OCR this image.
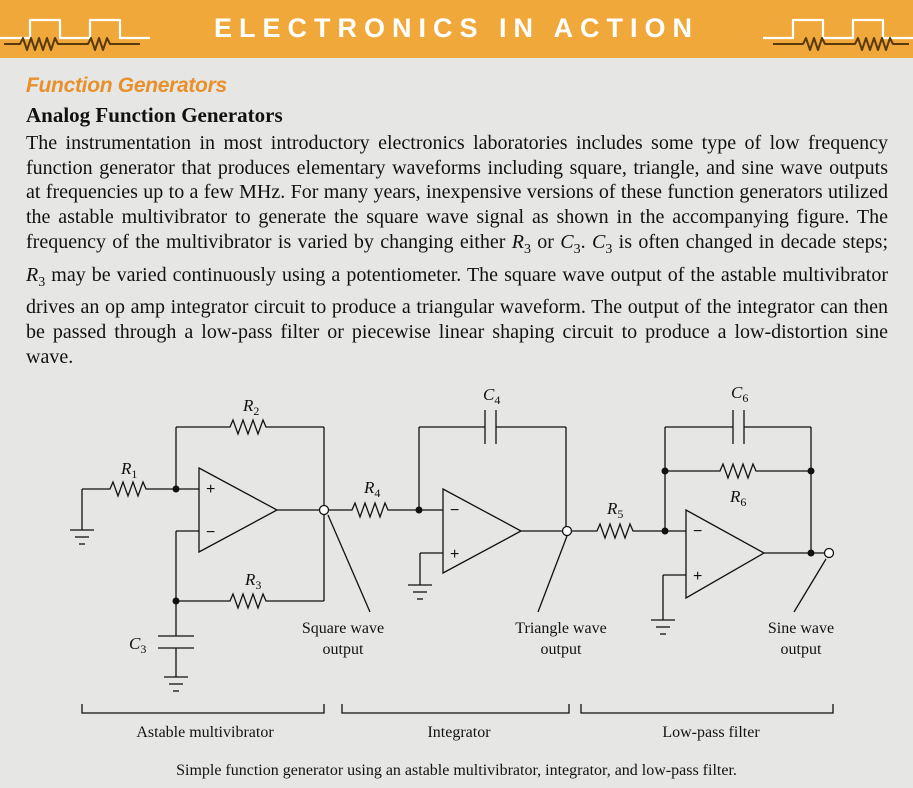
ELECTRONICS IN ACTION
Function Generators
Analog Function Generators

The instrumentation in most introductory electronics laboratories includes some type of low frequency function generator that produces elementary waveforms including square, triangle, and sine wave outputs at frequencies up to a few MHz. For many years, inexpensive versions of these function generators utilized the astable multivibrator to generate the square wave signal as shown in the accompanying figure. The frequency of the multivibrator is varied by changing either $R_3$ or $C_3$. $C_3$ is often changed in decade steps; $R_3$ may be varied continuously using a potentiometer. The square wave output of the astable multivibrator drives an op amp integrator circuit to produce a triangular waveform. The output of the integrator can then be passed through a low-pass filter or piecewise linear shaping circuit to produce a low-distortion sine wave.

$R_1$
$R_2$
$R_3$
$C_3$
$R_4$
$C_4$
$R_5$
$C_6$
$R_6$
+
−
−
+
−
+
Square wave
output
Triangle wave
output
Sine wave
output
Astable multivibrator	Integrator	Low-pass filter
Simple function generator using an astable multivibrator, integrator, and low-pass filter.
